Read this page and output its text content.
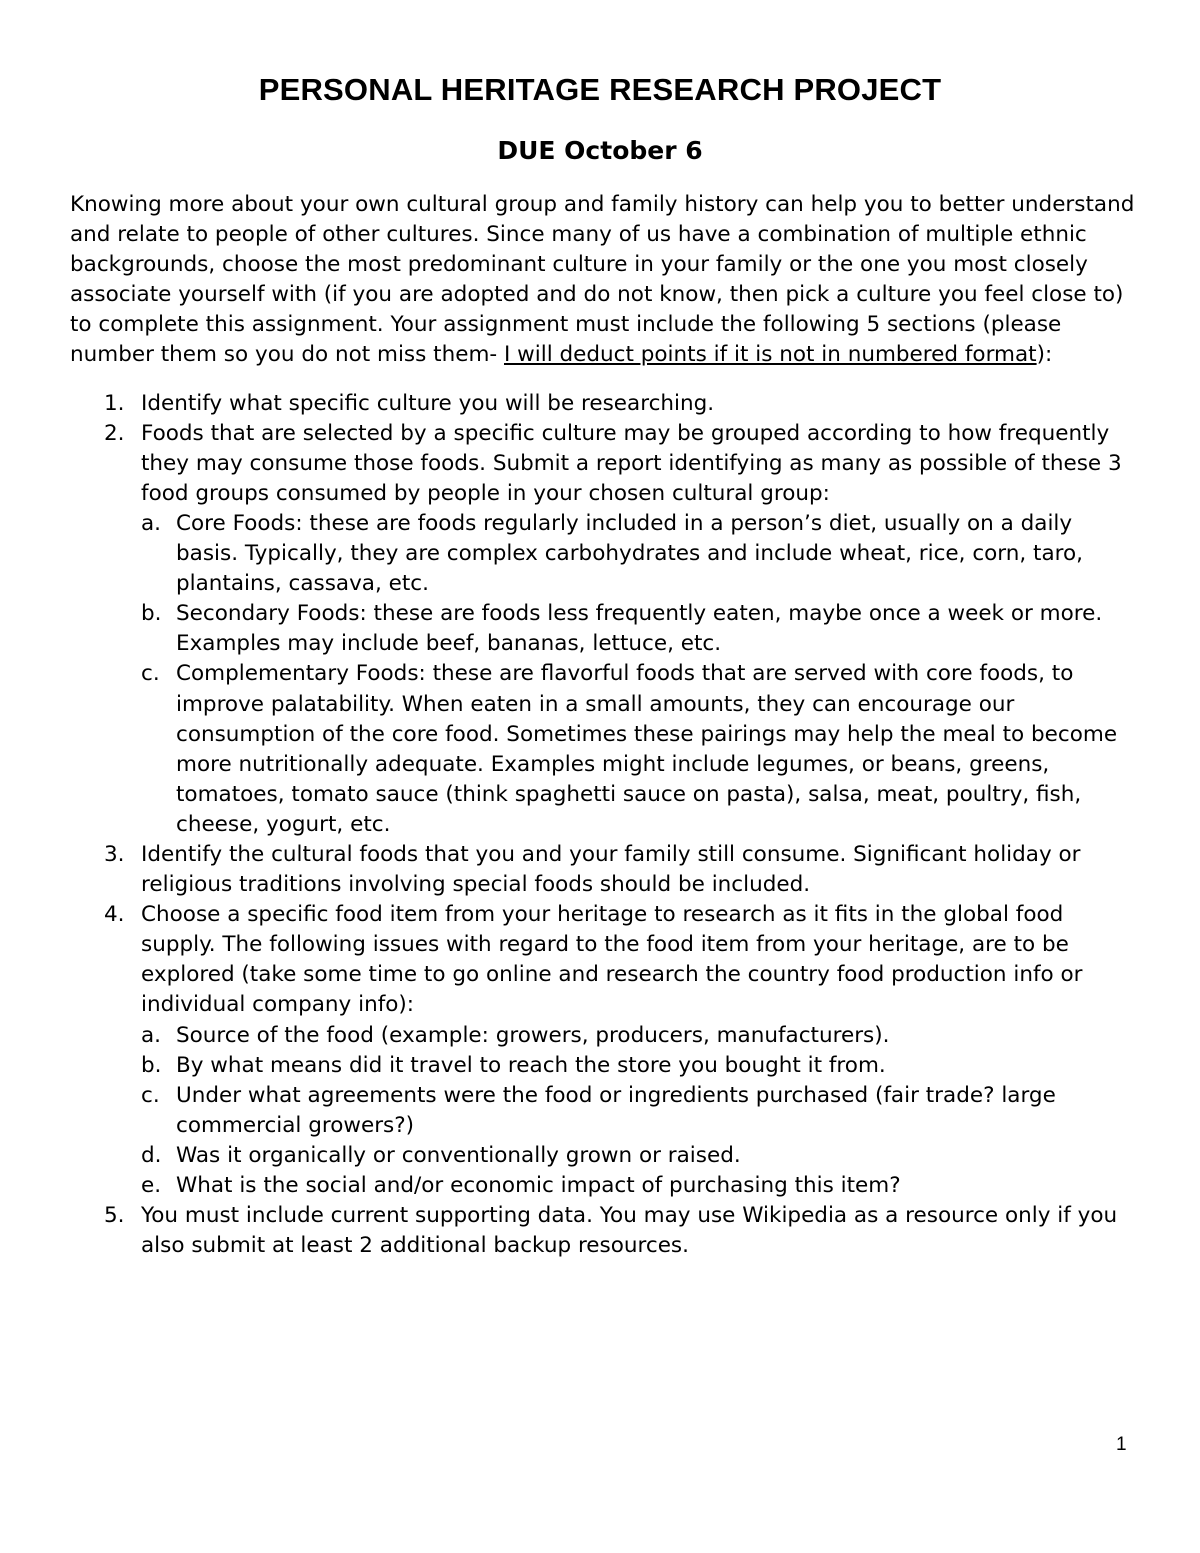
PERSONAL HERITAGE RESEARCH PROJECT
DUE October 6

Knowing more about your own cultural group and family history can help you to better understand and relate to people of other cultures. Since many of us have a combination of multiple ethnic backgrounds, choose the most predominant culture in your family or the one you most closely associate yourself with (if you are adopted and do not know, then pick a culture you feel close to) to complete this assignment. Your assignment must include the following 5 sections (please number them so you do not miss them- I will deduct points if it is not in numbered format):

1. Identify what specific culture you will be researching.
2. Foods that are selected by a specific culture may be grouped according to how frequently they may consume those foods. Submit a report identifying as many as possible of these 3 food groups consumed by people in your chosen cultural group:
a. Core Foods: these are foods regularly included in a person’s diet, usually on a daily basis. Typically, they are complex carbohydrates and include wheat, rice, corn, taro, plantains, cassava, etc.
b. Secondary Foods: these are foods less frequently eaten, maybe once a week or more. Examples may include beef, bananas, lettuce, etc.
c. Complementary Foods: these are flavorful foods that are served with core foods, to improve palatability. When eaten in a small amounts, they can encourage our consumption of the core food. Sometimes these pairings may help the meal to become more nutritionally adequate. Examples might include legumes, or beans, greens, tomatoes, tomato sauce (think spaghetti sauce on pasta), salsa, meat, poultry, fish, cheese, yogurt, etc.
3. Identify the cultural foods that you and your family still consume. Significant holiday or religious traditions involving special foods should be included.
4. Choose a specific food item from your heritage to research as it fits in the global food supply. The following issues with regard to the food item from your heritage, are to be explored (take some time to go online and research the country food production info or individual company info):
a. Source of the food (example: growers, producers, manufacturers).
b. By what means did it travel to reach the store you bought it from.
c. Under what agreements were the food or ingredients purchased (fair trade? large commercial growers?)
d. Was it organically or conventionally grown or raised.
e. What is the social and/or economic impact of purchasing this item?
5. You must include current supporting data. You may use Wikipedia as a resource only if you also submit at least 2 additional backup resources.
1
